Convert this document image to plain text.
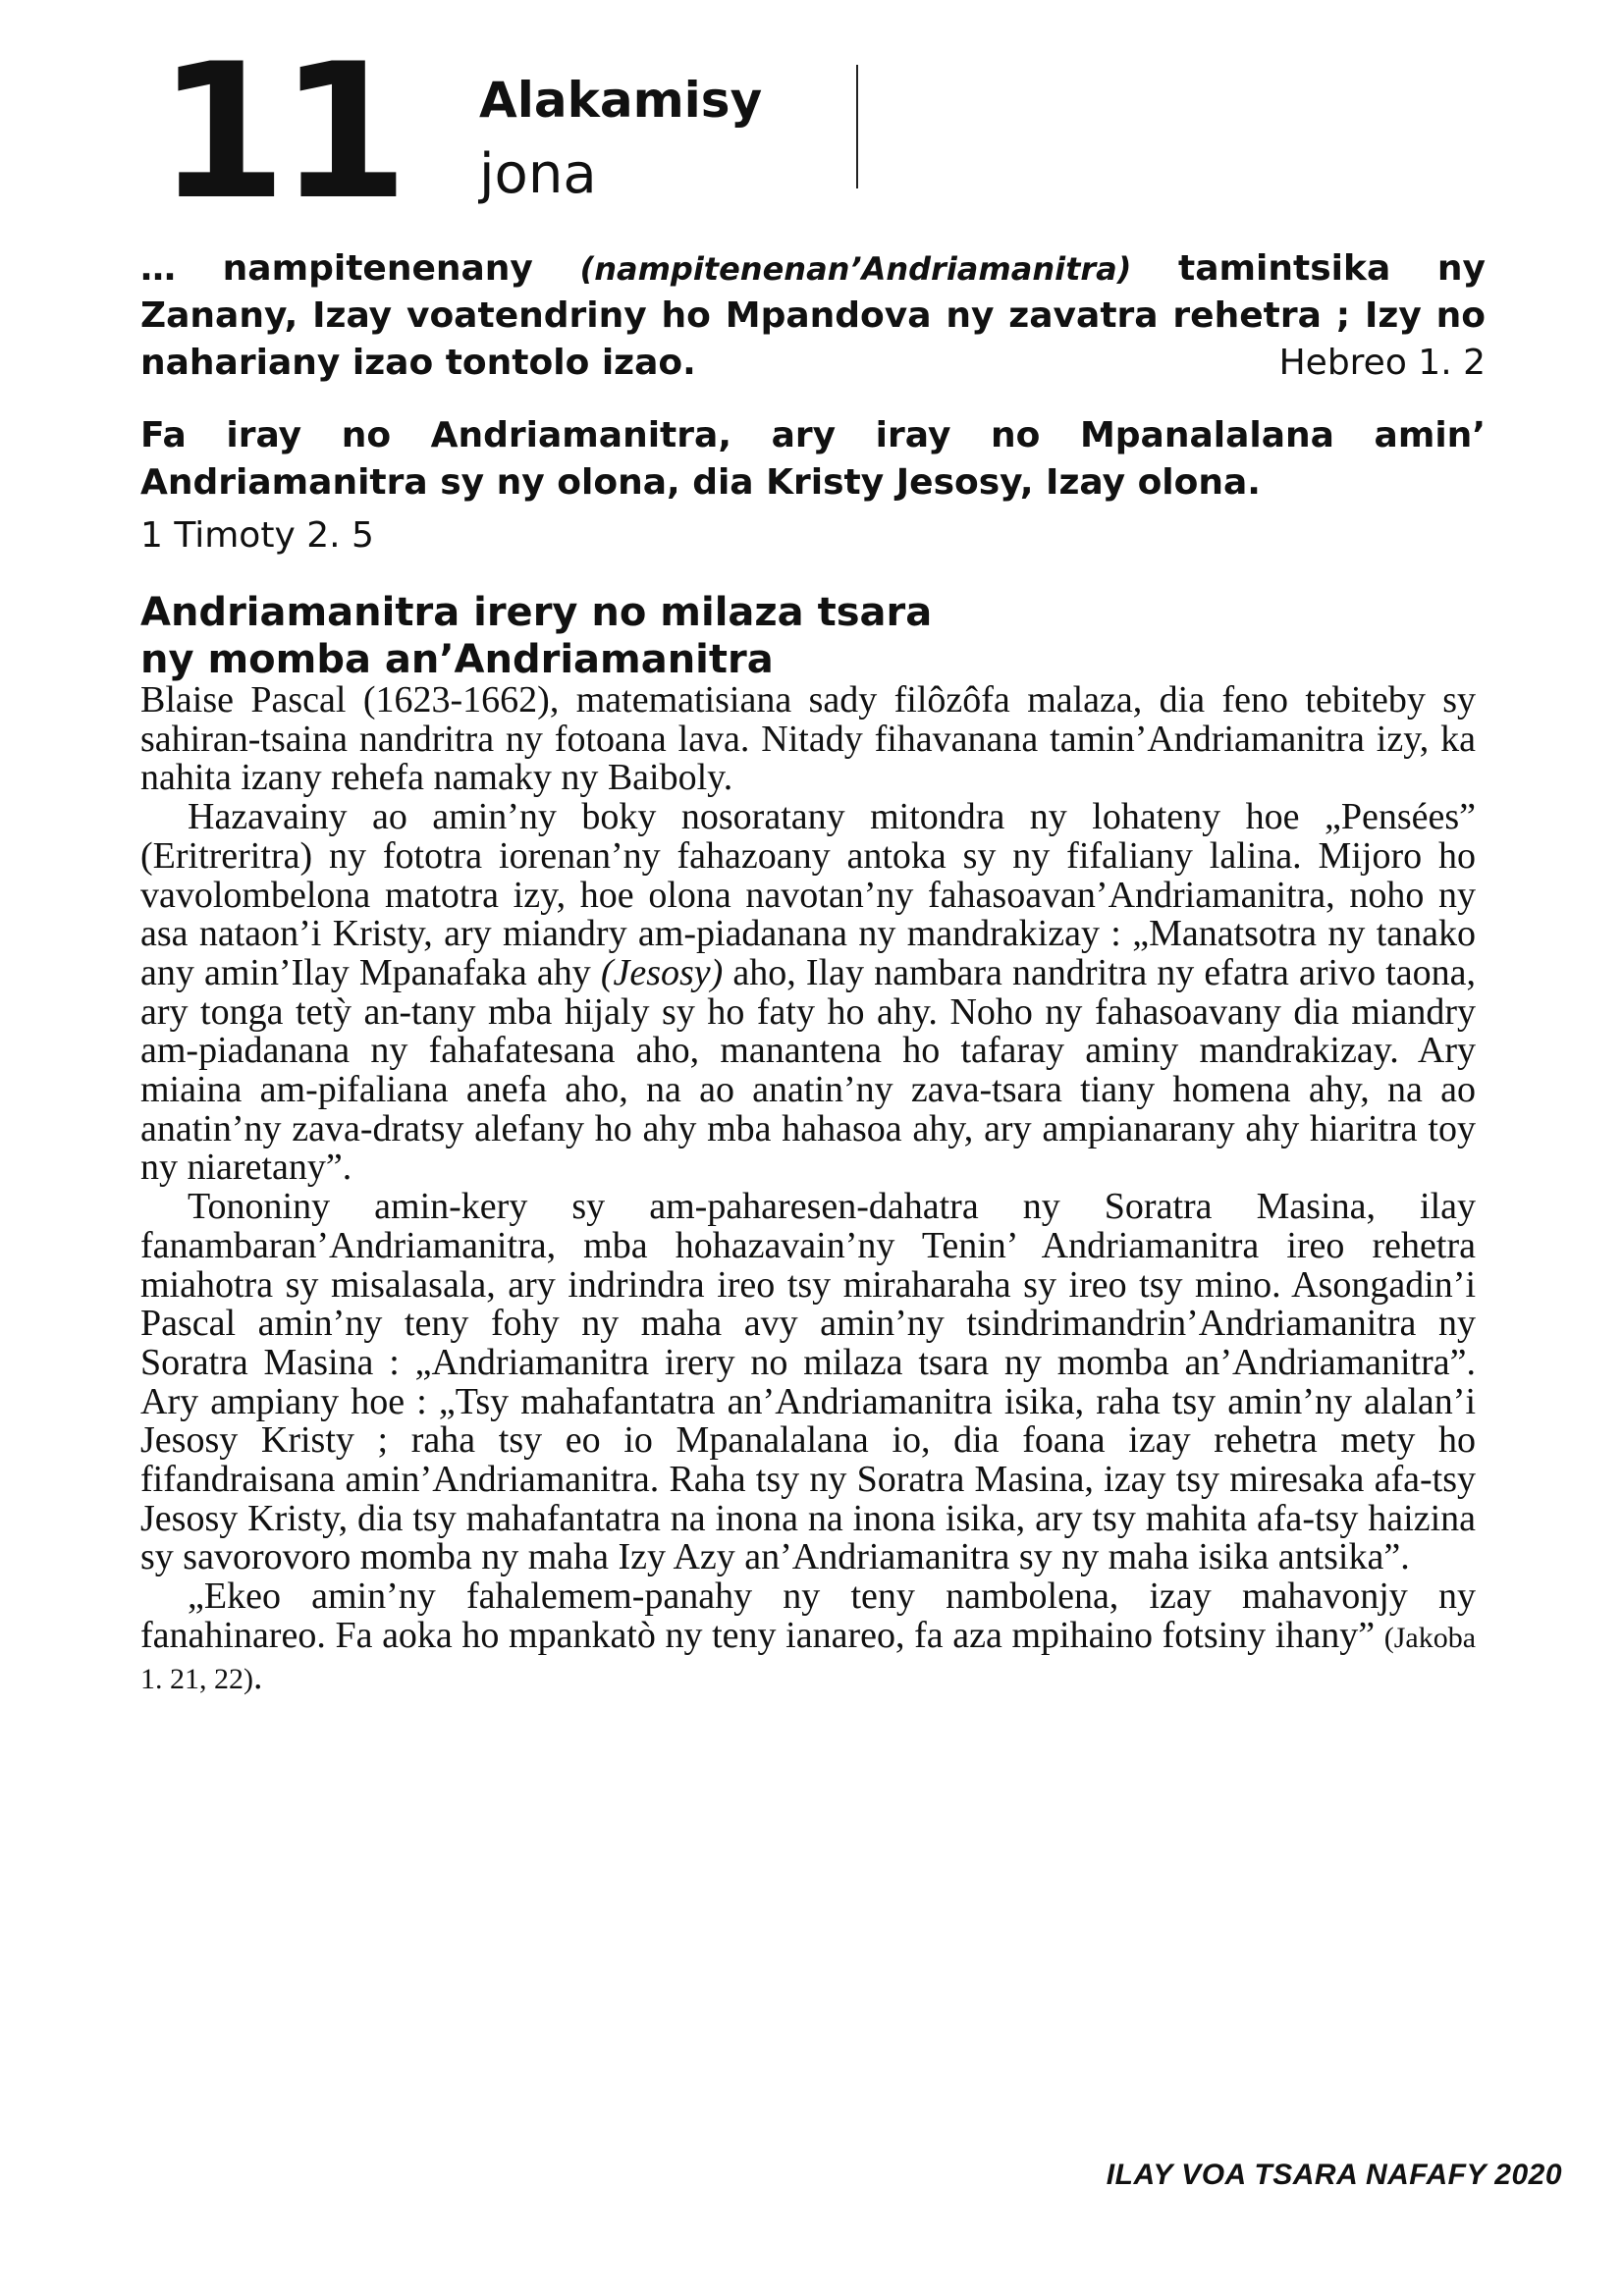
11 Alakamisy
jona
… nampitenenany (nampitenenan’Andriamanitra) tamintsika ny Zanany, Izay voatendriny ho Mpandova ny zavatra rehetra ; Izy no nahariany izao tontolo izao.	Hebreo 1. 2
Fa iray no Andriamanitra, ary iray no Mpanalalana amin’ Andriamanitra sy ny olona, dia Kristy Jesosy, Izay olona.
1 Timoty 2. 5
Andriamanitra irery no milaza tsara
ny momba an’Andriamanitra

Blaise Pascal (1623-1662), matematisiana sady filôzôfa malaza, dia feno tebiteby sy sahiran-tsaina nandritra ny fotoana lava. Nitady fihavanana tamin’Andriamanitra izy, ka nahita izany rehefa namaky ny Baiboly.

Hazavainy ao amin’ny boky nosoratany mitondra ny lohateny hoe „Pensées” (Eritreritra) ny fototra iorenan’ny fahazoany antoka sy ny fifaliany lalina. Mijoro ho vavolombelona matotra izy, hoe olona navotan’ny fahasoavan’Andriamanitra, noho ny asa nataon’i Kristy, ary miandry am-piadanana ny mandrakizay : „Manatsotra ny tanako any amin’Ilay Mpanafaka ahy (Jesosy) aho, Ilay nambara nandritra ny efatra arivo taona, ary tonga tetỳ an-tany mba hijaly sy ho faty ho ahy. Noho ny fahasoavany dia miandry am-piadanana ny fahafatesana aho, manantena ho tafaray aminy mandrakizay. Ary miaina am-pifaliana anefa aho, na ao anatin’ny zava-tsara tiany homena ahy, na ao anatin’ny zava-dratsy alefany ho ahy mba hahasoa ahy, ary ampianarany ahy hiaritra toy ny niaretany”.

Tononiny amin-kery sy am-paharesen-dahatra ny Soratra Masina, ilay fanambaran’Andriamanitra, mba hohazavain’ny Tenin’ Andriamanitra ireo rehetra miahotra sy misalasala, ary indrindra ireo tsy miraharaha sy ireo tsy mino. Asongadin’i Pascal amin’ny teny fohy ny maha avy amin’ny tsindrimandrin’Andriamanitra ny Soratra Masina : „Andriamanitra irery no milaza tsara ny momba an’Andriamanitra”. Ary ampiany hoe : „Tsy mahafantatra an’Andriamanitra isika, raha tsy amin’ny alalan’i Jesosy Kristy ; raha tsy eo io Mpanalalana io, dia foana izay rehetra mety ho fifandraisana amin’Andriamanitra. Raha tsy ny Soratra Masina, izay tsy miresaka afa-tsy Jesosy Kristy, dia tsy mahafantatra na inona na inona isika, ary tsy mahita afa-tsy haizina sy savorovoro momba ny maha Izy Azy an’Andriamanitra sy ny maha isika antsika”.

„Ekeo amin’ny fahalemem-panahy ny teny nambolena, izay mahavonjy ny fanahinareo. Fa aoka ho mpankatò ny teny ianareo, fa aza mpihaino fotsiny ihany” (Jakoba 1. 21, 22).

ILAY VOA TSARA NAFAFY 2020
